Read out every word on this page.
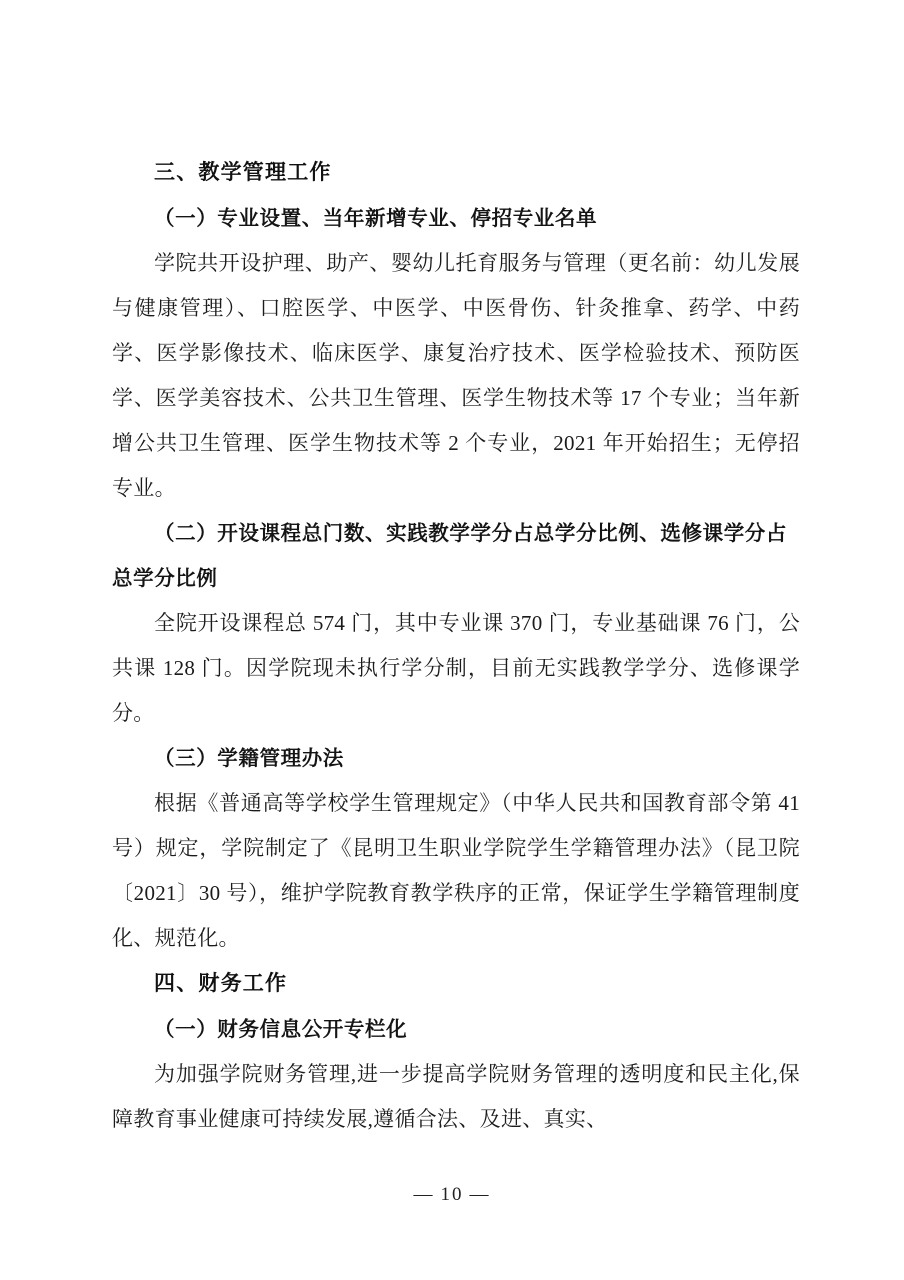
三、教学管理工作

（一）专业设置、当年新增专业、停招专业名单

学院共开设护理、助产、婴幼儿托育服务与管理（更名前：幼儿发展与健康管理）、口腔医学、中医学、中医骨伤、针灸推拿、药学、中药学、医学影像技术、临床医学、康复治疗技术、医学检验技术、预防医学、医学美容技术、公共卫生管理、医学生物技术等 17 个专业；当年新增公共卫生管理、医学生物技术等 2 个专业，2021 年开始招生；无停招专业。

（二）开设课程总门数、实践教学学分占总学分比例、选修课学分占总学分比例

全院开设课程总 574 门，其中专业课 370 门，专业基础课 76 门，公共课 128 门。因学院现未执行学分制，目前无实践教学学分、选修课学分。

（三）学籍管理办法

根据《普通高等学校学生管理规定》（中华人民共和国教育部令第 41 号）规定，学院制定了《昆明卫生职业学院学生学籍管理办法》（昆卫院〔2021〕30 号），维护学院教育教学秩序的正常，保证学生学籍管理制度化、规范化。

四、财务工作

（一）财务信息公开专栏化

为加强学院财务管理,进一步提高学院财务管理的透明度和民主化,保障教育事业健康可持续发展,遵循合法、及进、真实、

— 10 —
